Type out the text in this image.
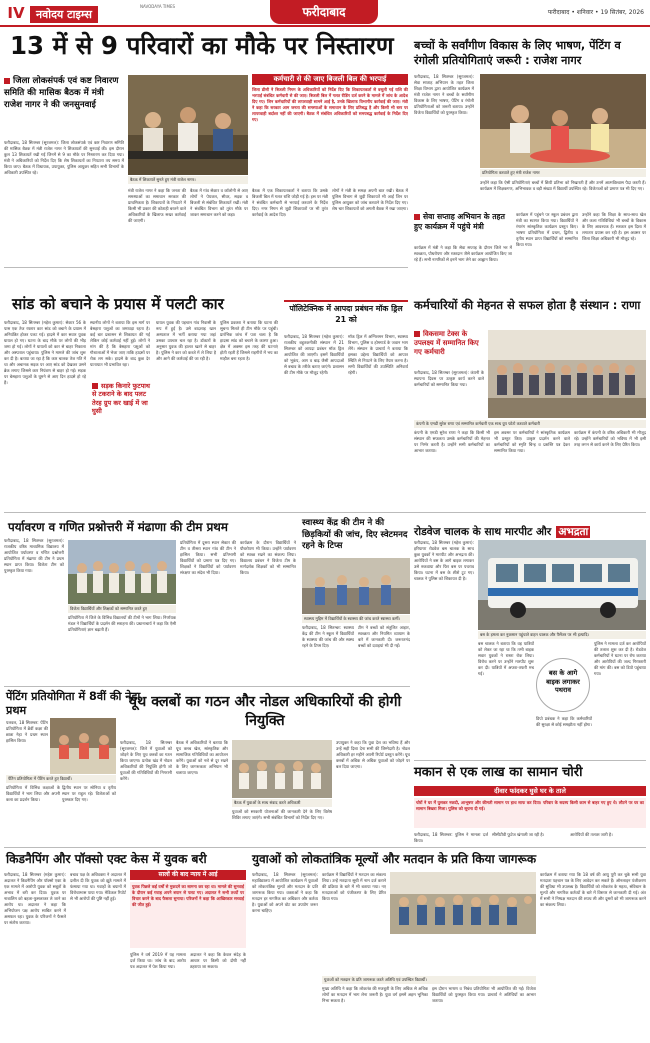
IV	नवोदय टाइम्स
NAVODAYA TIMES	फरीदाबाद	फरीदाबाद • शनिवार • 19 सितंबर, 2026
13 में से 9 परिवारों का मौके पर निस्तारण
जिला लोकसंपर्क एवं कष्ट निवारण समिति की मासिक बैठक में मंत्री राजेश नागर ने की जनसुनवाई
फरीदाबाद, 18 सितम्बर (सूरजमल): जिला लोकसंपर्क एवं कष्ट निवारण समिति की मासिक बैठक में मंत्री राजेश नागर ने शिकायतों की सुनवाई की। इस दौरान कुल 13 शिकायतें रखी गईं जिनमें से 9 का मौके पर निस्तारण कर दिया गया। मंत्री ने अधिकारियों को निर्देश दिए कि शेष शिकायतों का निपटारा तय समय में किया जाए। बैठक में विधायक, उपायुक्त, पुलिस आयुक्त सहित सभी विभागों के अधिकारी उपस्थित रहे।
बैठक में शिकायतें सुनते हुए मंत्री राजेश नागर।
कर्मचारी से की जाए बिजली बिल की भरपाई
जिला डीसी ने बिजली निगम के अधिकारियों को निर्देश दिए कि शिकायतकर्ता से वसूली गई राशि की भरपाई संबंधित कर्मचारी से की जाए। बिजली बिल में गलत रीडिंग दर्ज करने के मामले में जांच के आदेश दिए गए। जिन कर्मचारियों की लापरवाही सामने आई है, उनके खिलाफ विभागीय कार्रवाई की जाए। मंत्री ने कहा कि सरकार आम जनता की समस्याओं के समाधान के लिए प्रतिबद्ध है और किसी भी स्तर पर लापरवाही बर्दाश्त नहीं की जाएगी। बैठक में संबंधित अधिकारियों को समयबद्ध कार्रवाई के निर्देश दिए गए।
मंत्री राजेश नागर ने कहा कि जनता की समस्याओं का समाधान सरकार की प्राथमिकता है। शिकायतों के निपटारे में किसी भी प्रकार की कोताही बरतने वाले अधिकारियों के खिलाफ सख्त कार्रवाई की जाएगी।
बैठक में गांव सेक्टर व कॉलोनी से आए लोगों ने पेयजल, सीवर, सड़क व बिजली से संबंधित शिकायतें रखीं। मंत्री ने संबंधित विभाग को तुरंत मौके पर जाकर समाधान करने को कहा।
बैठक में एक शिकायतकर्ता ने बताया कि उसके बिजली बिल में गलत राशि जोड़ी गई है। इस पर मंत्री ने संबंधित कर्मचारी से भरपाई करवाने के निर्देश दिए। नगर निगम से जुड़ी शिकायतों पर भी तुरंत कार्रवाई के आदेश दिए।
लोगों ने मंत्री के समक्ष अपनी बात रखी। बैठक में पुलिस विभाग से जुड़ी शिकायतें भी आईं जिन पर पुलिस आयुक्त को जांच करवाने के निर्देश दिए गए। शेष चार शिकायतों को अगली बैठक में रखा जाएगा।
बच्चों के सर्वांगीण विकास के लिए भाषण, पेंटिंग व रंगोली प्रतियोगिताएं जरूरी : राजेश नागर
फरीदाबाद, 18 सितम्बर (सूरजमल): सेवा सप्ताह अभियान के तहत जिला शिक्षा विभाग द्वारा आयोजित कार्यक्रम में मंत्री राजेश नागर ने बच्चों के सर्वांगीण विकास के लिए भाषण, पेंटिंग व रंगोली प्रतियोगिताओं को जरूरी बताया। उन्होंने विजेता विद्यार्थियों को पुरस्कृत किया।
प्रतियोगिता करवाते हुए मंत्री राजेश नागर
उन्होंने कहा कि ऐसी प्रतियोगिताएं बच्चों में छिपी प्रतिभा को निखारती हैं और उनमें आत्मविश्वास पैदा करती हैं। कार्यक्रम में शिक्षकगण, अभिभावक व बड़ी संख्या में विद्यार्थी उपस्थित रहे। विजेताओं को प्रमाण पत्र भी दिए गए।
सेवा सप्ताह अभियान के तहत हुए कार्यक्रम में पहुंचे मंत्री
कार्यक्रम में मंत्री ने कहा कि सेवा सप्ताह के दौरान जिले भर में स्वच्छता, पौधरोपण और रक्तदान जैसे कार्यक्रम आयोजित किए जा रहे हैं। सभी नागरिकों से इनमें भाग लेने का आह्वान किया।
कार्यक्रम में पहुंचने पर स्कूल प्रबंधन द्वारा मंत्री का स्वागत किया गया। विद्यार्थियों ने रंगारंग सांस्कृतिक कार्यक्रम प्रस्तुत किए। भाषण प्रतियोगिता में प्रथम, द्वितीय व तृतीय स्थान प्राप्त विद्यार्थियों को सम्मानित किया गया।
उन्होंने कहा कि शिक्षा के साथ-साथ खेल और कला गतिविधियां भी बच्चों के विकास के लिए आवश्यक हैं। सरकार इस दिशा में लगातार प्रयास कर रही है। इस अवसर पर जिला शिक्षा अधिकारी भी मौजूद रहे।
सांड को बचाने के प्रयास में पलटी कार
फरीदाबाद, 18 सितम्बर (महेश कुमार): सेक्टर 56 के पास एक तेज रफ्तार कार सांड को बचाने के प्रयास में अनियंत्रित होकर पलट गई। हादसे में कार सवार युवक घायल हो गए। घटना के बाद मौके पर लोगों की भीड़ जमा हो गई। लोगों ने घायलों को कार से बाहर निकाला और अस्पताल पहुंचाया। पुलिस ने मामले की जांच शुरू कर दी है। बताया जा रहा है कि कार चालक तेज गति में था और अचानक सड़क पर आए सांड को देखकर उसने ब्रेक लगाए जिससे कार नियंत्रण से बाहर हो गई। सड़क पर बेसहारा पशुओं के घूमने से आए दिन हादसे हो रहे हैं।
स्थानीय लोगों ने बताया कि इस मार्ग पर बेसहारा पशुओं का जमावड़ा रहता है। कई बार प्रशासन से शिकायत की गई लेकिन कोई कार्रवाई नहीं हुई। लोगों ने मांग की है कि बेसहारा पशुओं को गौशालाओं में भेजा जाए ताकि हादसों पर रोक लग सके। हादसे के बाद कुछ देर यातायात भी प्रभावित रहा।
सड़क किनारे फुटपाथ से टकराने के बाद पलट तेरह ग्रुप कर खाई में जा घुसी
घायल युवक की पहचान गांव निवासी के रूप में हुई है। उसे बादशाह खान अस्पताल में भर्ती कराया गया जहां उसका उपचार चल रहा है। डॉक्टरों के अनुसार युवक की हालत खतरे से बाहर है। पुलिस ने कार को कब्जे में ले लिया है और आगे की कार्रवाई की जा रही है।
पुलिस प्रवक्ता ने बताया कि घटना की सूचना मिलते ही टीम मौके पर पहुंची। प्रारंभिक जांच में पता चला है कि हादसा सांड को बचाने के कारण हुआ। क्षेत्र में अक्सर इस तरह की घटनाएं होती रहती हैं जिससे राहगीरों में भय का माहौल बना रहता है।
पॉलिटेक्निक में आपदा प्रबंधन मॉक ड्रिल 21 को
फरीदाबाद, 18 सितम्बर (महेश कुमार): राजकीय बहुतकनीकी संस्थान में 21 सितम्बर को आपदा प्रबंधन मॉक ड्रिल आयोजित की जाएगी। इसमें विद्यार्थियों को भूकंप, आग व बाढ़ जैसी आपदाओं से बचाव के तरीके बताए जाएंगे। प्रशासन की टीम मौके पर मौजूद रहेगी।
मॉक ड्रिल में अग्निशमन विभाग, स्वास्थ्य विभाग, पुलिस व होमगार्ड के जवान भाग लेंगे। संस्थान के प्राचार्य ने बताया कि इसका उद्देश्य विद्यार्थियों को आपात स्थिति से निपटने के लिए तैयार करना है। सभी विद्यार्थियों की उपस्थिति अनिवार्य रहेगी।
कर्मचारियों की मेहनत से सफल होता है संस्थान : राणा
विकसमा टेक्स के उपलक्ष्य में सम्मानित किए गए कर्मचारी
फरीदाबाद, 18 सितम्बर (सूरजमल): कंपनी के स्थापना दिवस पर उत्कृष्ट कार्य करने वाले कर्मचारियों को सम्मानित किया गया।
कंपनी के एमडी सुरेश राणा एवं सम्मानित कर्मचारी एक साथ ग्रुप फोटो करवाते कर्मचारी
कंपनी के एमडी सुरेश राणा ने कहा कि किसी भी संस्थान की सफलता उसके कर्मचारियों की मेहनत पर निर्भर करती है। उन्होंने सभी कर्मचारियों का आभार जताया।
इस अवसर पर कर्मचारियों ने सांस्कृतिक कार्यक्रम भी प्रस्तुत किए। उत्कृष्ट प्रदर्शन करने वाले कर्मचारियों को स्मृति चिन्ह व प्रशस्ति पत्र देकर सम्मानित किया गया।
कार्यक्रम में कंपनी के वरिष्ठ अधिकारी भी मौजूद रहे। उन्होंने कर्मचारियों को भविष्य में भी इसी तरह लगन से कार्य करने के लिए प्रेरित किया।
पर्यावरण व गणित प्रश्नोत्तरी में मंढाणा की टीम प्रथम
फरीदाबाद, 18 सितम्बर (सूरजमल): राजकीय वरिष्ठ माध्यमिक विद्यालय में आयोजित पर्यावरण व गणित प्रश्नोत्तरी प्रतियोगिता में मंढाणा की टीम ने प्रथम स्थान प्राप्त किया। विजेता टीम को पुरस्कृत किया गया।
विजेता विद्यार्थियों और शिक्षकों को सम्मानित करते हुए
प्रतियोगिता में जिले के विभिन्न विद्यालयों की टीमों ने भाग लिया। निर्णायक मंडल ने विद्यार्थियों के प्रदर्शन की सराहना की। प्रधानाचार्य ने कहा कि ऐसी प्रतियोगिताएं ज्ञान बढ़ाती हैं।
प्रतियोगिता में दूसरा स्थान सेक्टर की टीम व तीसरा स्थान गांव की टीम ने हासिल किया। सभी प्रतिभागी विद्यार्थियों को प्रमाण पत्र दिए गए। शिक्षकों ने विद्यार्थियों को पर्यावरण संरक्षण का संदेश भी दिया।
कार्यक्रम के दौरान विद्यार्थियों ने पौधरोपण भी किया। उन्होंने पर्यावरण को स्वच्छ रखने का संकल्प लिया। विद्यालय प्रबंधन ने विजेता टीम के मार्गदर्शक शिक्षकों को भी सम्मानित किया।
स्वास्थ्य केंद्र की टीम ने की छिड़कियों की जांच, दिए स्वेटमनद रहने के टिप्स
स्वास्थ्य मुहिम में विद्यार्थियों के स्वास्थ्य की जांच करते स्वास्थ्य कर्मी।
फरीदाबाद, 18 सितम्बर: स्वास्थ्य केंद्र की टीम ने स्कूल में विद्यार्थियों के स्वास्थ्य की जांच की और स्वस्थ रहने के टिप्स दिए।
टीम ने बच्चों को संतुलित आहार, स्वच्छता और नियमित व्यायाम के बारे में जानकारी दी। जरूरतमंद बच्चों को दवाइयां भी दी गईं।
रोडवेज चालक के साथ मारपीट और अभद्रता
फरीदाबाद, 18 सितम्बर (महेश कुमार): हरियाणा रोडवेज बस चालक के साथ कुछ युवकों ने मारपीट और अभद्रता की। आरोपियों ने बस के आगे बाइक लगाकर उसे रुकवाया और फिर बस पर पथराव किया। घटना में बस के शीशे टूट गए। चालक ने पुलिस को शिकायत दी है।
बस के हमला कर नुकसान पहुंचाते वाहन चालक और पैसेंजर पर भी इत्यादि।
बस चालक ने बताया कि वह यात्रियों को लेकर जा रहा था कि तभी बाइक सवार युवकों ने रास्ता रोक लिया। विरोध करने पर उन्होंने मारपीट शुरू कर दी। यात्रियों में अफरा-तफरी मच गई।	बस के आगे बाइक लगाकर पथराव
पुलिस ने मामला दर्ज कर आरोपियों की तलाश शुरू कर दी है। रोडवेज कर्मचारियों ने घटना पर रोष जताया और आरोपियों की जल्द गिरफ्तारी की मांग की। बस को डिपो पहुंचाया गया।
डिपो प्रबंधक ने कहा कि कर्मचारियों की सुरक्षा से कोई समझौता नहीं होगा।
पेंटिंग प्रतियोगिता में 8वीं की नेहा प्रथम
पलवल, 18 सितम्बर: पेंटिंग प्रतियोगिता में 8वीं कक्षा की छात्रा नेहा ने प्रथम स्थान हासिल किया।
पेंटिंग प्रतियोगिता में पेंटिंग करते हुए विद्यार्थी।
प्रतियोगिता में विभिन्न कक्षाओं के विद्यार्थियों ने भाग लिया और अपनी कला का प्रदर्शन किया।
द्वितीय स्थान पर सोनिया व तृतीय स्थान पर राहुल रहे। विजेताओं को पुरस्कार दिए गए।
यूथ क्लबों का गठन और नोडल अधिकारियों की होगी नियुक्ति
फरीदाबाद, 18 सितम्बर (सूरजमल): जिले में युवाओं को जोड़ने के लिए यूथ क्लबों का गठन किया जाएगा। प्रत्येक खंड में नोडल अधिकारियों की नियुक्ति होगी जो युवाओं की गतिविधियों की निगरानी करेंगे।
बैठक में अधिकारियों ने बताया कि यूथ क्लब खेल, सांस्कृतिक और सामाजिक गतिविधियों का आयोजन करेंगे। युवाओं को नशे से दूर रखने के लिए जागरूकता अभियान भी चलाया जाएगा।
बैठक में युवाओं के साथ संवाद करते अधिकारी
युवाओं को सरकारी योजनाओं की जानकारी देने के लिए विशेष शिविर लगाए जाएंगे। सभी संबंधित विभागों को निर्देश दिए गए।
उपायुक्त ने कहा कि युवा देश का भविष्य हैं और उन्हें सही दिशा देना सभी की जिम्मेदारी है। नोडल अधिकारी हर महीने अपनी रिपोर्ट प्रस्तुत करेंगे। यूथ क्लबों में अधिक से अधिक युवाओं को जोड़ने पर बल दिया जाएगा।	मकान से एक लाख का सामान चोरी
दीवार फांदकर घुसे घर के ताले
चोरों ने घर में घुसकर नकदी, आभूषण और कीमती सामान पर हाथ साफ कर दिया। परिवार के सदस्य किसी काम से बाहर गए हुए थे। लौटने पर घर का सामान बिखरा मिला। पुलिस को सूचना दी गई।
फरीदाबाद, 18 सितम्बर: पुलिस ने मामला दर्ज किया।
सीसीटीवी फुटेज खंगाली जा रही है।	आरोपियों की तलाश जारी है।
किडनैपिंग और पॉक्सो एक्ट केस में युवक बरी
फरीदाबाद, 18 सितम्बर (महेश कुमार): अदालत ने किडनैपिंग और पॉक्सो एक्ट के एक मामले में आरोपी युवक को सबूतों के अभाव में बरी कर दिया। युवक पर नाबालिग को बहला-फुसलाकर ले जाने का आरोप था। अदालत ने कहा कि अभियोजन पक्ष आरोप साबित करने में असफल रहा। युवक के परिजनों ने फैसले पर संतोष जताया।
बचाव पक्ष के अधिवक्ता ने अदालत में दलील दी कि युवक को झूठे मामले में फंसाया गया था। गवाहों के बयानों में विरोधाभास पाया गया। मेडिकल रिपोर्ट से भी आरोपों की पुष्टि नहीं हुई।
सालों की बाद न्याय में आई
युवक पिछले कई वर्षों से मुकदमे का सामना कर रहा था। मामले की सुनवाई के दौरान कई गवाह अपने बयान से पलट गए। अदालत ने सभी तथ्यों पर विचार करने के बाद फैसला सुनाया। परिजनों ने कहा कि आखिरकार सच्चाई की जीत हुई।
पुलिस ने वर्ष 2019 में यह मामला दर्ज किया था। जांच के बाद आरोप पत्र अदालत में पेश किया गया।
अदालत ने कहा कि केवल संदेह के आधार पर किसी को दोषी नहीं ठहराया जा सकता।
युवाओं को लोकतांत्रिक मूल्यों और मतदान के प्रति किया जागरूक
फरीदाबाद, 18 सितम्बर (सूरजमल): महाविद्यालय में आयोजित कार्यक्रम में युवाओं को लोकतांत्रिक मूल्यों और मतदान के प्रति जागरूक किया गया। वक्ताओं ने कहा कि मतदान हर नागरिक का अधिकार और कर्तव्य है। युवाओं को अपने वोट का उपयोग जरूर करना चाहिए।
कार्यक्रम में विद्यार्थियों ने मतदान का संकल्प लिया। उन्हें मतदाता सूची में नाम दर्ज कराने की प्रक्रिया के बारे में भी बताया गया। नए मतदाताओं को पंजीकरण के लिए प्रेरित किया गया।
युवाओं को मतदान के प्रति जागरूक करते अतिथि एवं उपस्थित विद्यार्थी।
मुख्य अतिथि ने कहा कि लोकतंत्र की मजबूती के लिए अधिक से अधिक लोगों का मतदान में भाग लेना जरूरी है। युवा वर्ग इसमें अहम भूमिका निभा सकता है।
इस दौरान भाषण व निबंध प्रतियोगिता भी आयोजित की गई। विजेता विद्यार्थियों को पुरस्कृत किया गया। प्राचार्य ने अतिथियों का आभार जताया।
कार्यक्रम में बताया गया कि 18 वर्ष की आयु पूरी कर चुके सभी युवा मतदाता पहचान पत्र के लिए आवेदन कर सकते हैं। ऑनलाइन पंजीकरण की सुविधा भी उपलब्ध है। विद्यार्थियों को लोकतंत्र के महत्व, संविधान के मूल्यों और नागरिक कर्तव्यों के बारे में विस्तार से जानकारी दी गई। अंत में सभी ने निष्पक्ष मतदान की शपथ ली और दूसरों को भी जागरूक करने का संकल्प लिया।
